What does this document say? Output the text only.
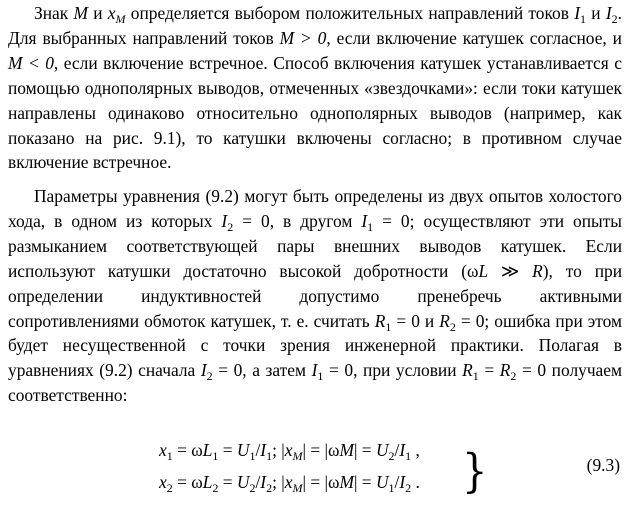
Знак M и $x_M$ определяется выбором положительных направлений токов $I_1$ и $I_2$. Для выбранных направлений токов M > 0, если включение катушек согласное, и M < 0, если включение встречное. Способ включения катушек устанавливается с помощью однополярных выводов, отмеченных «звездочками»: если токи катушек направлены одинаково относительно однополярных выводов (например, как показано на рис. 9.1), то катушки включены согласно; в противном случае включение встречное.

Параметры уравнения (9.2) могут быть определены из двух опытов холостого хода, в одном из которых $I_2 = 0$, в другом $I_1 = 0$; осуществляют эти опыты размыканием соответствующей пары внешних выводов катушек. Если используют катушки достаточно высокой добротности (ωL ≫ R), то при определении индуктивностей допустимо пренебречь активными сопротивлениями обмоток катушек, т. е. считать $R_1 = 0$ и $R_2 = 0$; ошибка при этом будет несущественной с точки зрения инженерной практики. Полагая в уравнениях (9.2) сначала $I_2 = 0$, а затем $I_1 = 0$, при условии $R_1 = R_2 = 0$ получаем соответственно:

$x_1 = \omega L_1 = U_1/I_1$; $|x_M| = |\omega M| = U_2/I_1$ ,
$x_2 = \omega L_2 = U_2/I_2$; $|x_M| = |\omega M| = U_1/I_2$ . }	(9.3)
